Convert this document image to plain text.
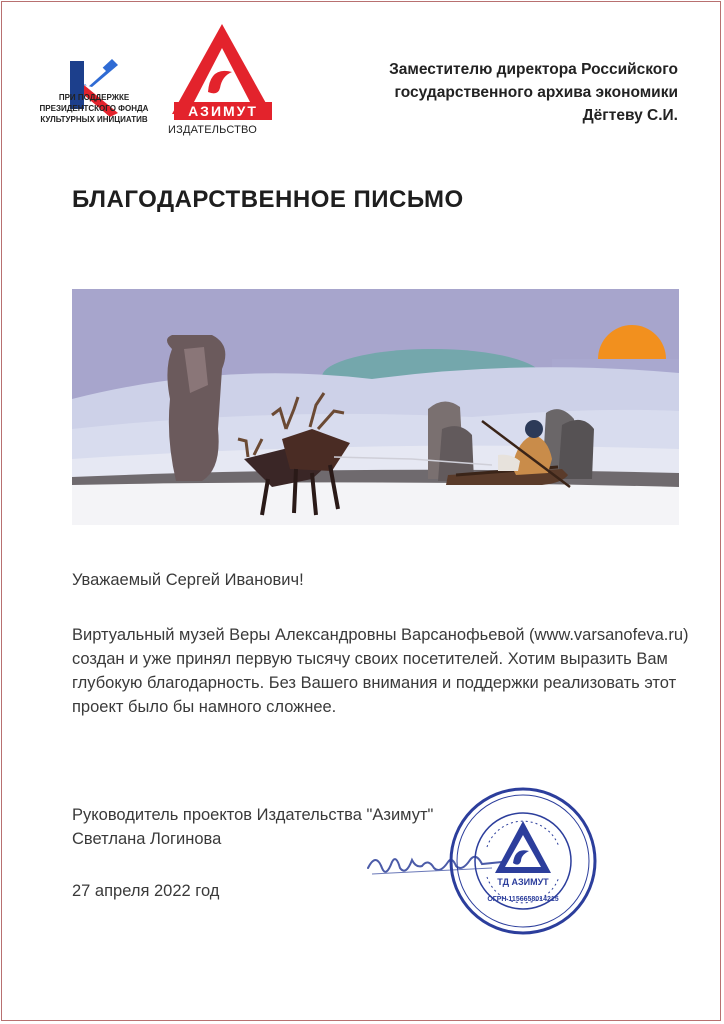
ПРИ ПОДДЕРЖКЕ ПРЕЗИДЕНТСКОГО ФОНДА КУЛЬТУРНЫХ ИНИЦИАТИВ
АЗИМУТ
ИЗДАТЕЛЬСТВО
Заместителю директора Российского государственного архива экономики Дёгтеву С.И.
БЛАГОДАРСТВЕННОЕ ПИСЬМО
Уважаемый Сергей Иванович!
Виртуальный музей Веры Александровны Варсанофьевой (www.varsanofeva.ru) создан и уже принял первую тысячу своих посетителей. Хотим выразить Вам глубокую благодарность. Без Вашего внимания и поддержки реализовать этот проект было бы намного сложнее.
Руководитель проектов Издательства "Азимут"
Светлана Логинова
27 апреля 2022 год	ТД АЗИМУТ
ОГРН 1156658014215
